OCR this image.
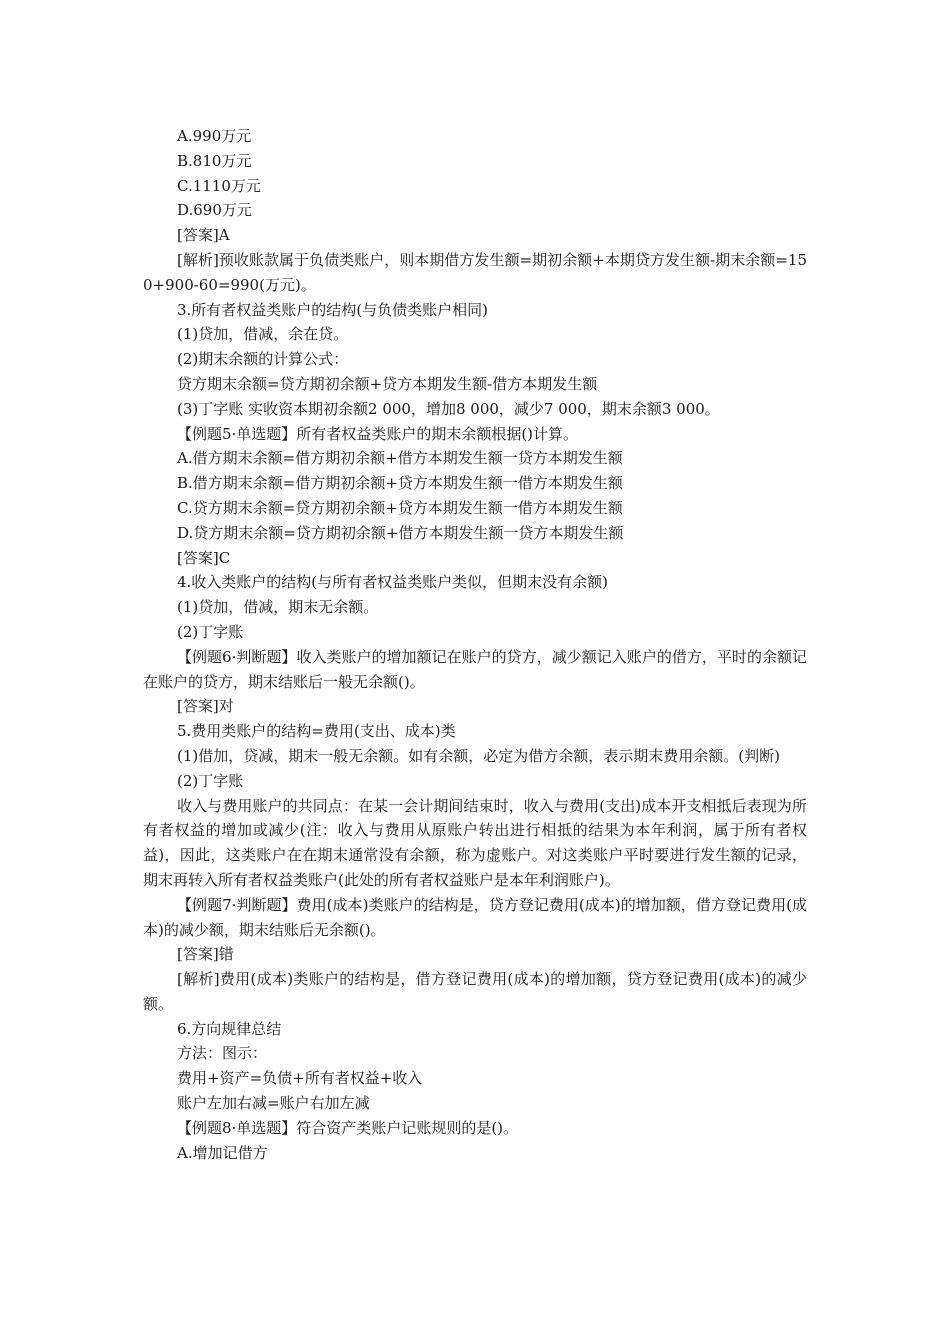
A.990万元

B.810万元

C.1110万元

D.690万元

[答案]A

[解析]预收账款属于负债类账户，则本期借方发生额=期初余额+本期贷方发生额-期末余额=150+900-60=990(万元)。

3.所有者权益类账户的结构(与负债类账户相同)

(1)贷加，借减，余在贷。

(2)期末余额的计算公式：

贷方期末余额=贷方期初余额+贷方本期发生额-借方本期发生额

(3)丁字账 实收资本期初余额2 000，增加8 000，减少7 000，期末余额3 000。

【例题5·单选题】所有者权益类账户的期末余额根据()计算。

A.借方期末余额=借方期初余额+借方本期发生额一贷方本期发生额

B.借方期末余额=借方期初余额+贷方本期发生额一借方本期发生额

C.贷方期末余额=贷方期初余额+贷方本期发生额一借方本期发生额

D.贷方期末余额=贷方期初余额+借方本期发生额一贷方本期发生额

[答案]C

4.收入类账户的结构(与所有者权益类账户类似，但期末没有余额)

(1)贷加，借减，期末无余额。

(2)丁字账

【例题6·判断题】收入类账户的增加额记在账户的贷方，减少额记入账户的借方，平时的余额记在账户的贷方，期末结账后一般无余额()。

[答案]对

5.费用类账户的结构=费用(支出、成本)类

(1)借加，贷减，期末一般无余额。如有余额，必定为借方余额，表示期末费用余额。(判断)

(2)丁字账

收入与费用账户的共同点：在某一会计期间结束时，收入与费用(支出)成本开支相抵后表现为所有者权益的增加或减少(注：收入与费用从原账户转出进行相抵的结果为本年利润，属于所有者权益)，因此，这类账户在在期末通常没有余额，称为虚账户。对这类账户平时要进行发生额的记录，期末再转入所有者权益类账户(此处的所有者权益账户是本年利润账户)。

【例题7·判断题】费用(成本)类账户的结构是，贷方登记费用(成本)的增加额，借方登记费用(成本)的减少额，期末结账后无余额()。

[答案]错

[解析]费用(成本)类账户的结构是，借方登记费用(成本)的增加额，贷方登记费用(成本)的减少额。

6.方向规律总结

方法：图示：

费用+资产=负债+所有者权益+收入

账户左加右减=账户右加左减

【例题8·单选题】符合资产类账户记账规则的是()。

A.增加记借方
